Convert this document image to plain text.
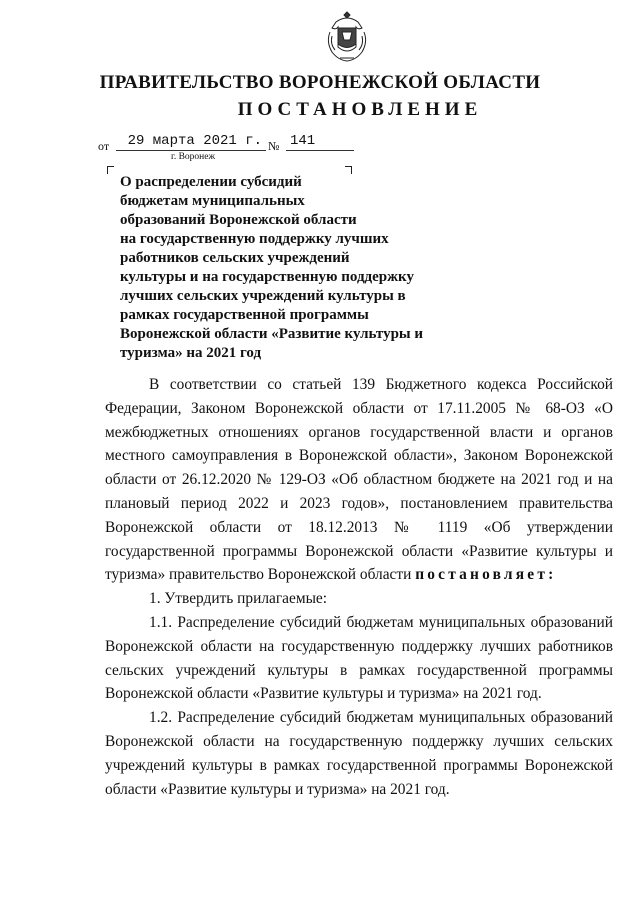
ПРАВИТЕЛЬСТВО ВОРОНЕЖСКОЙ ОБЛАСТИ
ПОСТАНОВЛЕНИЕ
от	29 марта 2021 г. № 141
г. Воронеж
О распределении субсидий
бюджетам муниципальных
образований Воронежской области
на государственную поддержку лучших
работников сельских учреждений
культуры и на государственную поддержку
лучших сельских учреждений культуры в
рамках государственной программы
Воронежской области «Развитие культуры и
туризма» на 2021 год

В соответствии со статьей 139 Бюджетного кодекса Российской Федерации, Законом Воронежской области от 17.11.2005 № 68-ОЗ «О межбюджетных отношениях органов государственной власти и органов местного самоуправления в Воронежской области», Законом Воронежской области от 26.12.2020 № 129-ОЗ «Об областном бюджете на 2021 год и на плановый период 2022 и 2023 годов», постановлением правительства Воронежской области от 18.12.2013 № 1119 «Об утверждении государственной программы Воронежской области «Развитие культуры и туризма» правительство Воронежской области постановляет:

1. Утвердить прилагаемые:

1.1. Распределение субсидий бюджетам муниципальных образований Воронежской области на государственную поддержку лучших работников сельских учреждений культуры в рамках государственной программы Воронежской области «Развитие культуры и туризма» на 2021 год.

1.2. Распределение субсидий бюджетам муниципальных образований Воронежской области на государственную поддержку лучших сельских учреждений культуры в рамках государственной программы Воронежской области «Развитие культуры и туризма» на 2021 год.
